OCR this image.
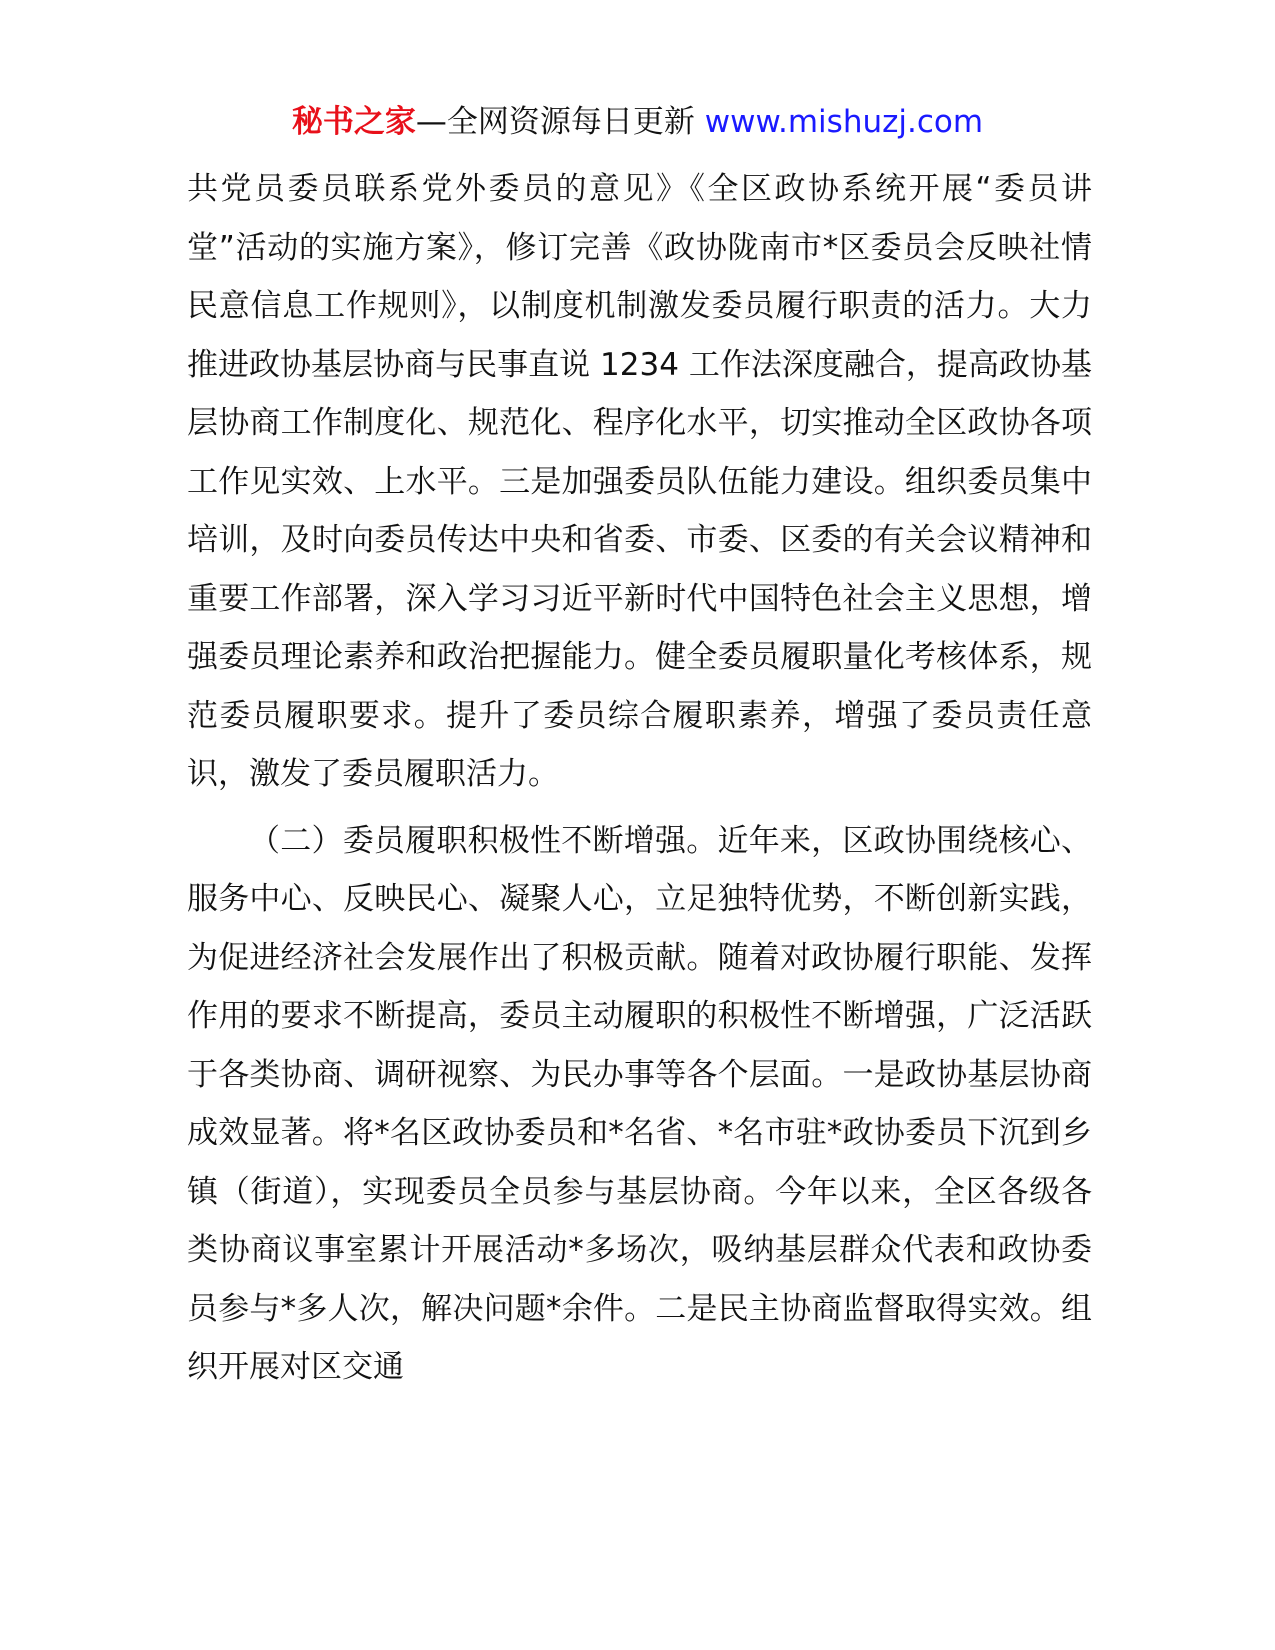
秘书之家—全网资源每日更新 www.mishuzj.com

共党员委员联系党外委员的意见》《全区政协系统开展“委员讲堂”活动的实施方案》，修订完善《政协陇南市*区委员会反映社情民意信息工作规则》，以制度机制激发委员履行职责的活力。大力推进政协基层协商与民事直说 1234 工作法深度融合，提高政协基层协商工作制度化、规范化、程序化水平，切实推动全区政协各项工作见实效、上水平。三是加强委员队伍能力建设。组织委员集中培训，及时向委员传达中央和省委、市委、区委的有关会议精神和重要工作部署，深入学习习近平新时代中国特色社会主义思想，增强委员理论素养和政治把握能力。健全委员履职量化考核体系，规范委员履职要求。提升了委员综合履职素养，增强了委员责任意识，激发了委员履职活力。

（二）委员履职积极性不断增强。近年来，区政协围绕核心、服务中心、反映民心、凝聚人心，立足独特优势，不断创新实践，为促进经济社会发展作出了积极贡献。随着对政协履行职能、发挥作用的要求不断提高，委员主动履职的积极性不断增强，广泛活跃于各类协商、调研视察、为民办事等各个层面。一是政协基层协商成效显著。将*名区政协委员和*名省、*名市驻*政协委员下沉到乡镇（街道），实现委员全员参与基层协商。今年以来，全区各级各类协商议事室累计开展活动*多场次，吸纳基层群众代表和政协委员参与*多人次，解决问题*余件。二是民主协商监督取得实效。组织开展对区交通
